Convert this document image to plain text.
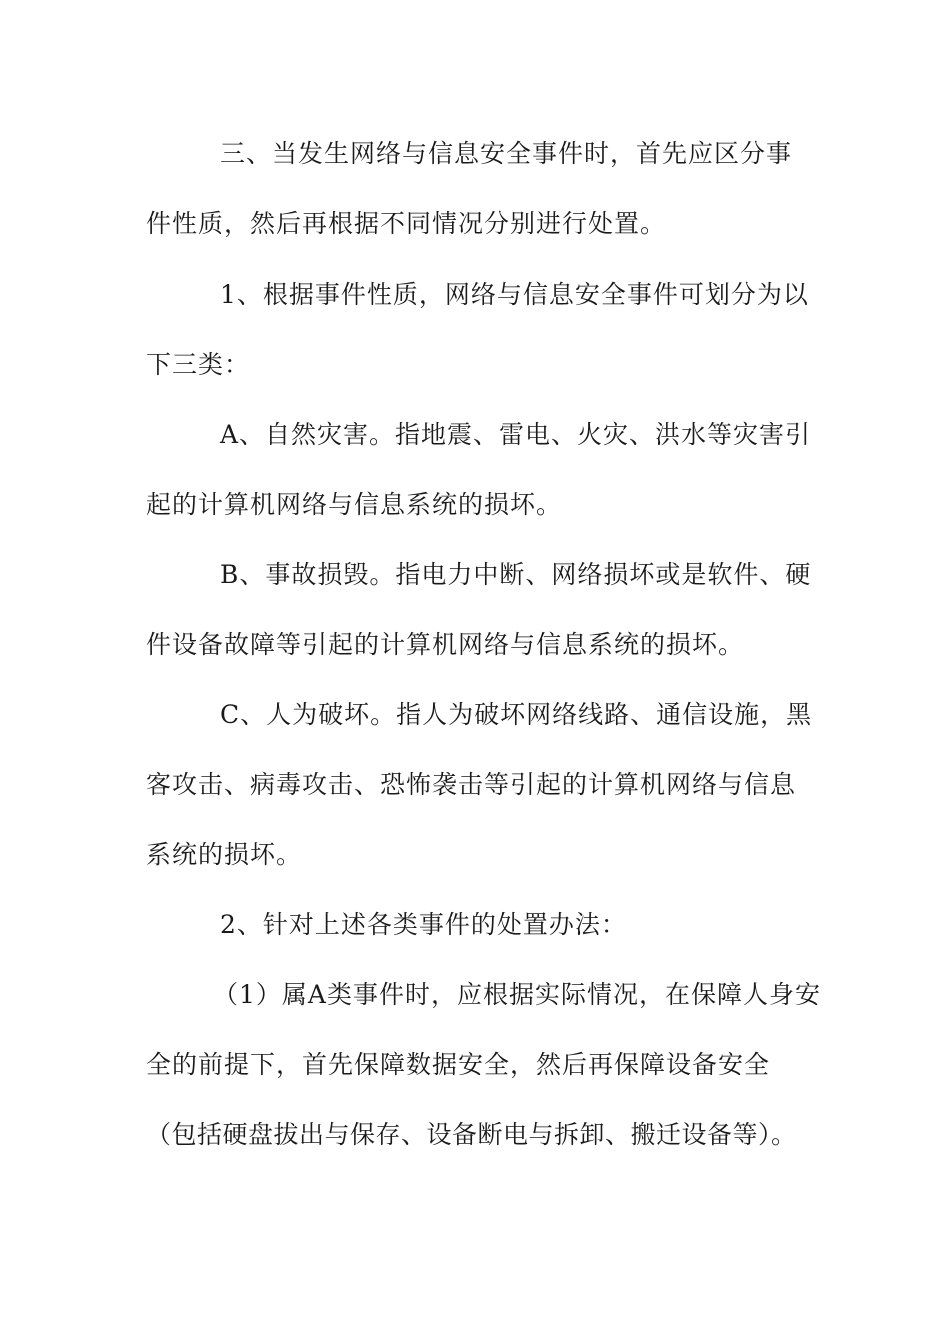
三、当发生网络与信息安全事件时，首先应区分事
件性质，然后再根据不同情况分别进行处置。
1、根据事件性质，网络与信息安全事件可划分为以
下三类：
A、自然灾害。指地震、雷电、火灾、洪水等灾害引
起的计算机网络与信息系统的损坏。
B、事故损毁。指电力中断、网络损坏或是软件、硬
件设备故障等引起的计算机网络与信息系统的损坏。
C、人为破坏。指人为破坏网络线路、通信设施，黑
客攻击、病毒攻击、恐怖袭击等引起的计算机网络与信息
系统的损坏。
2、针对上述各类事件的处置办法：
（1）属A类事件时，应根据实际情况，在保障人身安
全的前提下，首先保障数据安全，然后再保障设备安全
（包括硬盘拔出与保存、设备断电与拆卸、搬迁设备等）。
